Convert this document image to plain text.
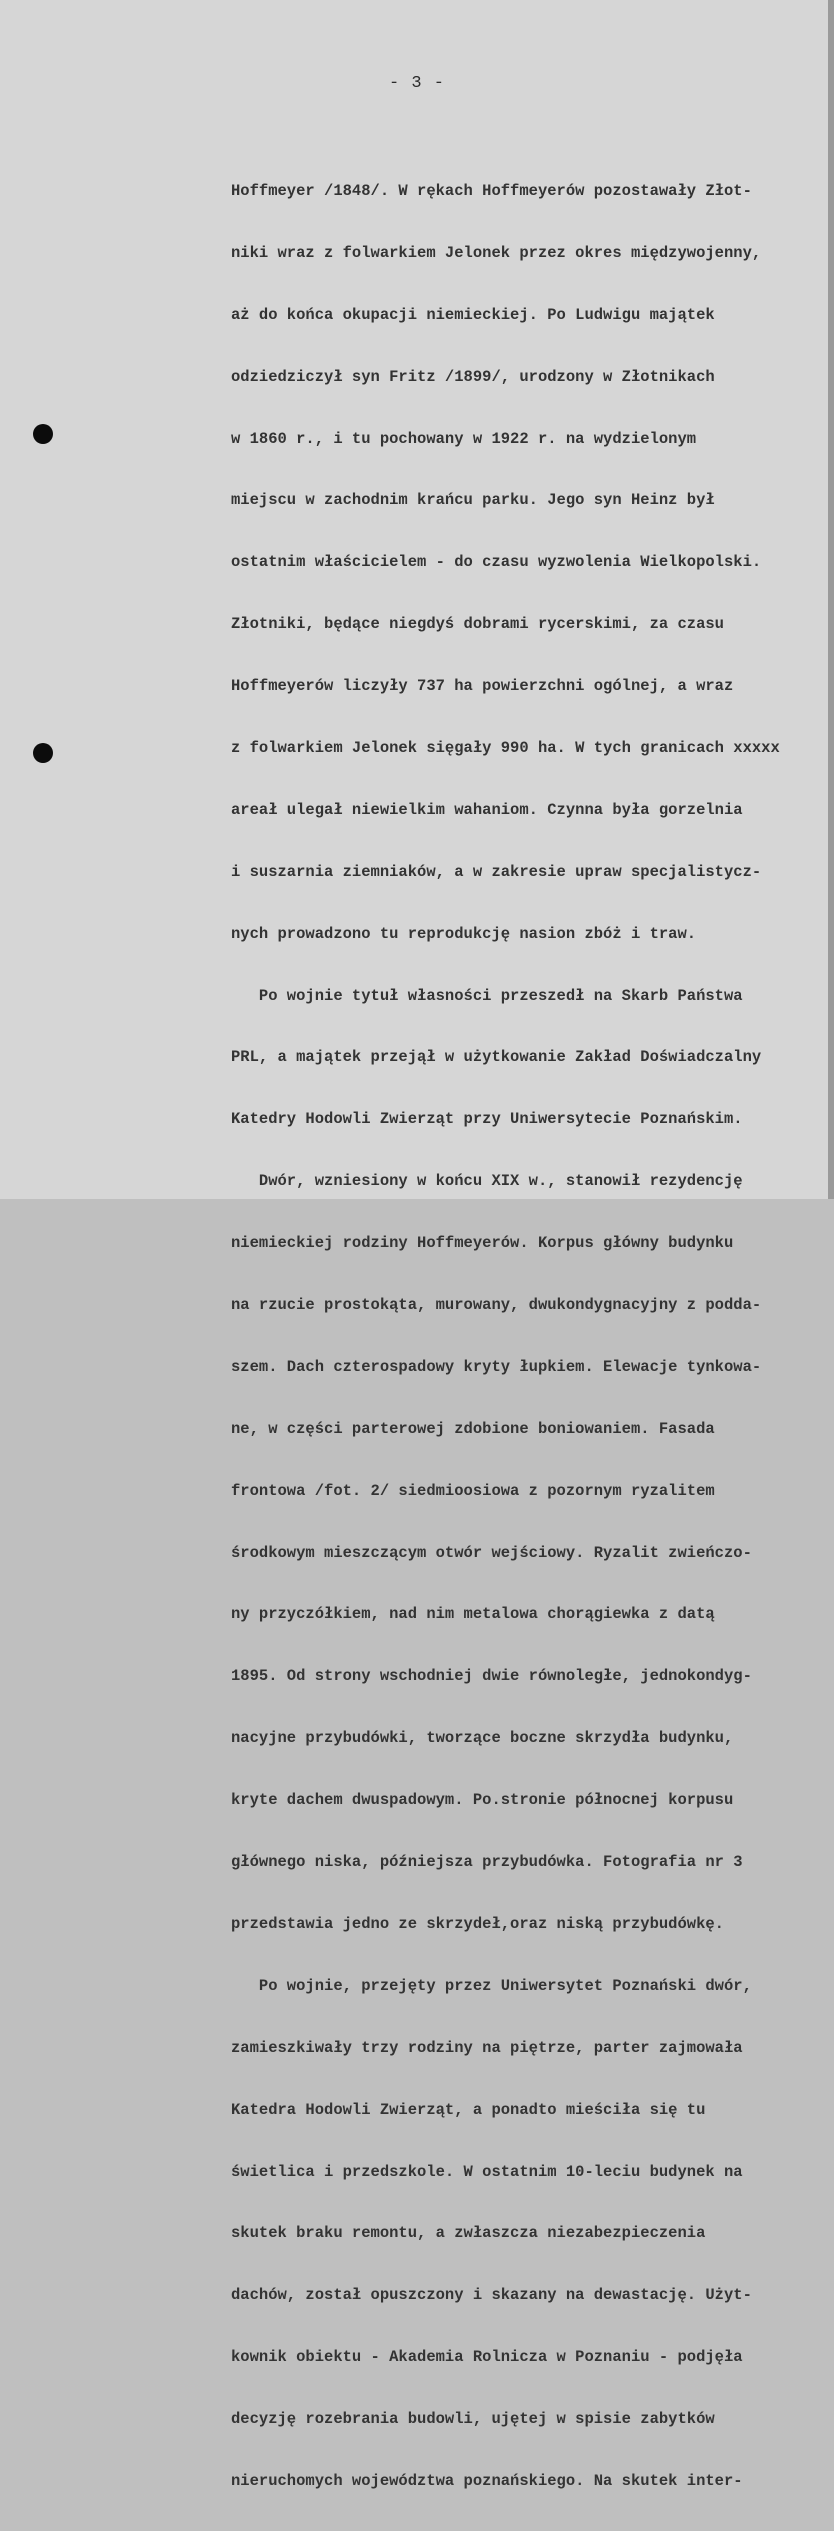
- 3 -

Hoffmeyer /1848/. W rękach Hoffmeyerów pozostawały Złot-

niki wraz z folwarkiem Jelonek przez okres międzywojenny,

aż do końca okupacji niemieckiej. Po Ludwigu majątek

odziedziczył syn Fritz /1899/, urodzony w Złotnikach

w 1860 r., i tu pochowany w 1922 r. na wydzielonym

miejscu w zachodnim krańcu parku. Jego syn Heinz był

ostatnim właścicielem - do czasu wyzwolenia Wielkopolski.

Złotniki, będące niegdyś dobrami rycerskimi, za czasu

Hoffmeyerów liczyły 737 ha powierzchni ogólnej, a wraz

z folwarkiem Jelonek sięgały 990 ha. W tych granicach xxxxx

areał ulegał niewielkim wahaniom. Czynna była gorzelnia

i suszarnia ziemniaków, a w zakresie upraw specjalistycz-

nych prowadzono tu reprodukcję nasion zbóż i traw.

Po wojnie tytuł własności przeszedł na Skarb Państwa

PRL, a majątek przejął w użytkowanie Zakład Doświadczalny

Katedry Hodowli Zwierząt przy Uniwersytecie Poznańskim.

Dwór, wzniesiony w końcu XIX w., stanowił rezydencję

niemieckiej rodziny Hoffmeyerów. Korpus główny budynku

na rzucie prostokąta, murowany, dwukondygnacyjny z podda-

szem. Dach czterospadowy kryty łupkiem. Elewacje tynkowa-

ne, w części parterowej zdobione boniowaniem. Fasada

frontowa /fot. 2/ siedmioosiowa z pozornym ryzalitem

środkowym mieszczącym otwór wejściowy. Ryzalit zwieńczo-

ny przyczółkiem, nad nim metalowa chorągiewka z datą

1895. Od strony wschodniej dwie równoległe, jednokondyg-

nacyjne przybudówki, tworzące boczne skrzydła budynku,

kryte dachem dwuspadowym. Po.stronie północnej korpusu

głównego niska, późniejsza przybudówka. Fotografia nr 3

przedstawia jedno ze skrzydeł,oraz niską przybudówkę.

Po wojnie, przejęty przez Uniwersytet Poznański dwór,

zamieszkiwały trzy rodziny na piętrze, parter zajmowała

Katedra Hodowli Zwierząt, a ponadto mieściła się tu

świetlica i przedszkole. W ostatnim 10-leciu budynek na

skutek braku remontu, a zwłaszcza niezabezpieczenia

dachów, został opuszczony i skazany na dewastację. Użyt-

kownik obiektu - Akademia Rolnicza w Poznaniu - podjęła

decyzję rozebrania budowli, ujętej w spisie zabytków

nieruchomych województwa poznańskiego. Na skutek inter-
